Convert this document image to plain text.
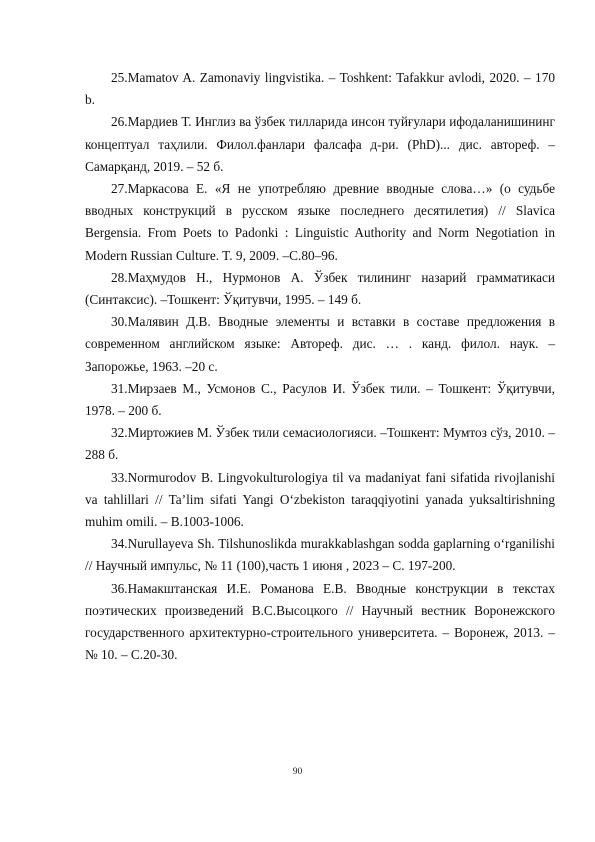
25.Mamatov A. Zamonaviy lingvistika. – Toshkent: Tafakkur avlodi, 2020. – 170 b.

26.Мардиев Т. Инглиз ва ўзбек тилларида инсон туйғулари ифодаланишининг концептуал таҳлили. Филол.фанлари фалсафа д-ри. (PhD)... дис. автореф. – Самарқанд, 2019. – 52 б.

27.Маркасова Е. «Я не употребляю древние вводные слова…» (о судьбе вводных конструкций в русском языке последнего десятилетия) // Slavica Bergensia. From Poets to Padonki : Linguistic Authority and Norm Negotiation in Modern Russian Culture. T. 9, 2009. –С.80–96.

28.Маҳмудов Н., Нурмонов А. Ўзбек тилининг назарий грамматикаси (Синтаксис). –Тошкент: Ўқитувчи, 1995. – 149 б.

30.Малявин Д.В. Вводные элементы и вставки в составе предложения в современном английском языке: Автореф. дис. … . канд. филол. наук. – Запорожье, 1963. –20 с.

31.Мирзаев М., Усмонов С., Расулов И. Ўзбек тили. – Тошкент: Ўқитувчи, 1978. – 200 б.

32.Миртожиев М. Ўзбек тили семасиологияси. –Тошкент: Мумтоз сўз, 2010. –288 б.

33.Normurodov B. Lingvokulturologiya til va madaniyat fani sifatida rivojlanishi va tahlillari // Ta’lim sifati Yangi O‘zbekiston taraqqiyotini yanada yuksaltirishning muhim omili. – B.1003-1006.

34.Nurullayeva Sh. Tilshunoslikda murakkablashgan sodda gaplarning o‘rganilishi // Научный импульс, № 11 (100),часть 1 июня , 2023 – С. 197-200.

36.Намакштанская И.Е. Романова Е.В. Вводные конструкции в текстах поэтических произведений В.С.Высоцкого // Научный вестник Воронежского государственного архитектурно-строительного университета. – Воронеж, 2013. – № 10. – С.20-30.

90
